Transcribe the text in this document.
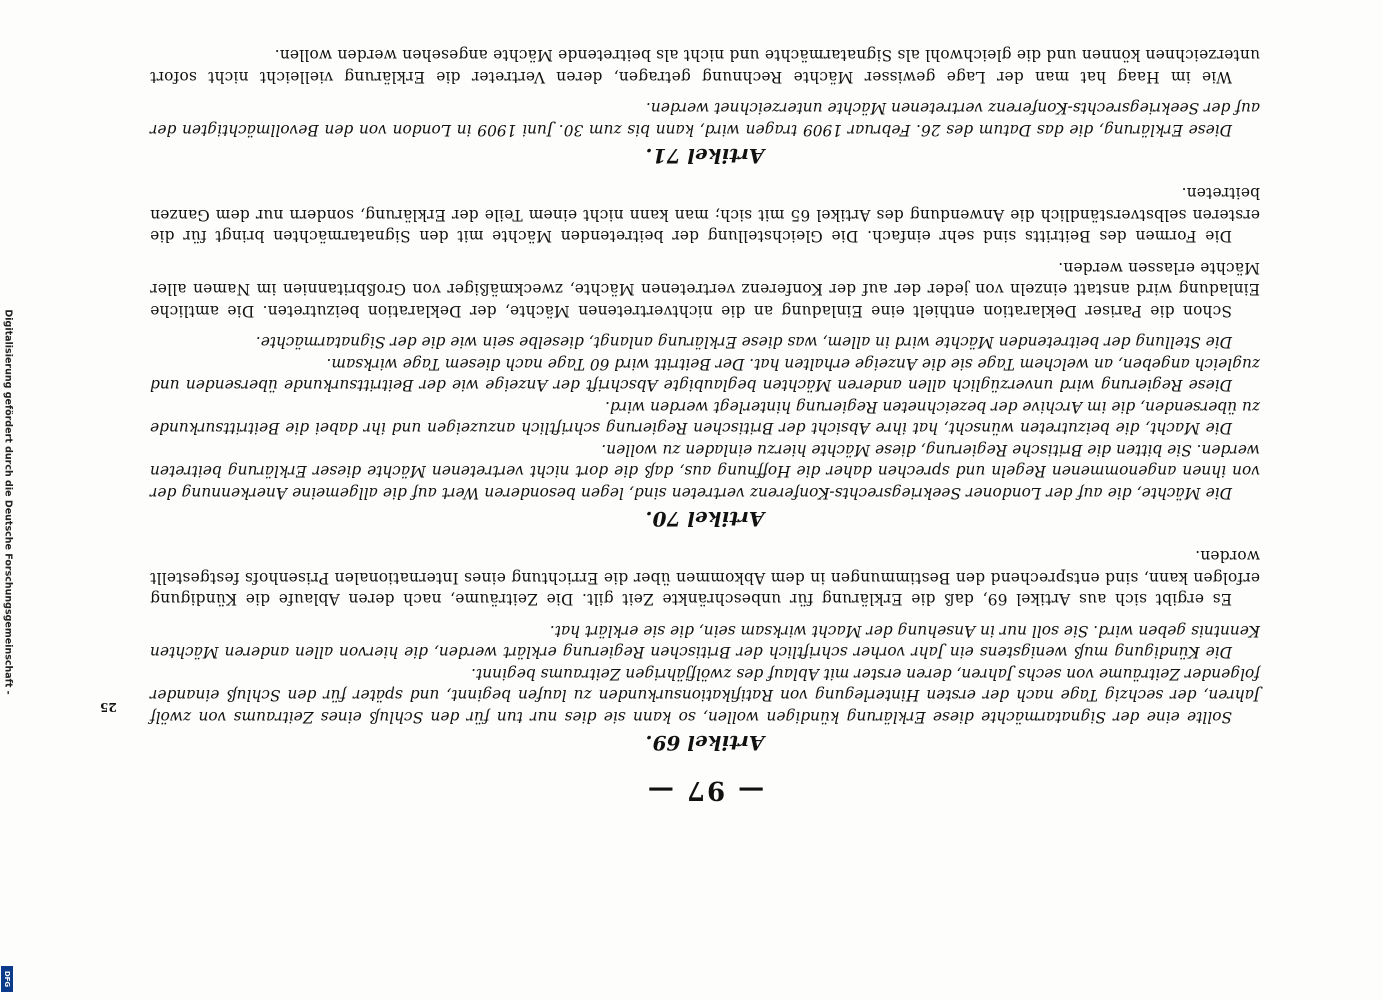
— 97 —
Artikel 69.

Sollte eine der Signatarmächte diese Erklärung kündigen wollen, so kann sie dies nur tun für den Schluß eines Zeitraums von zwölf Jahren, der sechzig Tage nach der ersten Hinterlegung von Ratifikationsurkunden zu laufen beginnt, und später für den Schluß einander folgender Zeiträume von sechs Jahren, deren erster mit Ablauf des zwölfjährigen Zeitraums beginnt.

Die Kündigung muß wenigstens ein Jahr vorher schriftlich der Britischen Regierung erklärt werden, die hiervon allen anderen Mächten Kenntnis geben wird. Sie soll nur in Ansehung der Macht wirksam sein, die sie erklärt hat.

Es ergibt sich aus Artikel 69, daß die Erklärung für unbeschränkte Zeit gilt. Die Zeiträume, nach deren Ablaufe die Kündigung erfolgen kann, sind entsprechend den Bestimmungen in dem Abkommen über die Errichtung eines Internationalen Prisenhofs festgestellt worden.

Artikel 70.

Die Mächte, die auf der Londoner Seekriegsrechts-Konferenz vertreten sind, legen besonderen Wert auf die allgemeine Anerkennung der von ihnen angenommenen Regeln und sprechen daher die Hoffnung aus, daß die dort nicht vertretenen Mächte dieser Erklärung beitreten werden. Sie bitten die Britische Regierung, diese Mächte hierzu einladen zu wollen.

Die Macht, die beizutreten wünscht, hat ihre Absicht der Britischen Regierung schriftlich anzuzeigen und ihr dabei die Beitrittsurkunde zu übersenden, die im Archive der bezeichneten Regierung hinterlegt werden wird.

Diese Regierung wird unverzüglich allen anderen Mächten beglaubigte Abschrift der Anzeige wie der Beitrittsurkunde übersenden und zugleich angeben, an welchem Tage sie die Anzeige erhalten hat. Der Beitritt wird 60 Tage nach diesem Tage wirksam.

Die Stellung der beitretenden Mächte wird in allem, was diese Erklärung anlangt, dieselbe sein wie die der Signatarmächte.

Schon die Pariser Deklaration enthielt eine Einladung an die nichtvertretenen Mächte, der Deklaration beizutreten. Die amtliche Einladung wird anstatt einzeln von jeder der auf der Konferenz vertretenen Mächte, zweckmäßiger von Großbritannien im Namen aller Mächte erlassen werden.

Die Formen des Beitritts sind sehr einfach. Die Gleichstellung der beitretenden Mächte mit den Signatarmächten bringt für die ersteren selbstverständlich die Anwendung des Artikel 65 mit sich; man kann nicht einem Teile der Erklärung, sondern nur dem Ganzen beitreten.

Artikel 71.

Diese Erklärung, die das Datum des 26. Februar 1909 tragen wird, kann bis zum 30. Juni 1909 in London von den Bevollmächtigten der auf der Seekriegsrechts-Konferenz vertretenen Mächte unterzeichnet werden.

Wie im Haag hat man der Lage gewisser Mächte Rechnung getragen, deren Vertreter die Erklärung vielleicht nicht sofort unterzeichnen können und die gleichwohl als Signatarmächte und nicht als beitretende Mächte angesehen werden wollen.

25
Digitalisierung gefördert durch die Deutsche Forschungsgemeinschaft -
DFG
